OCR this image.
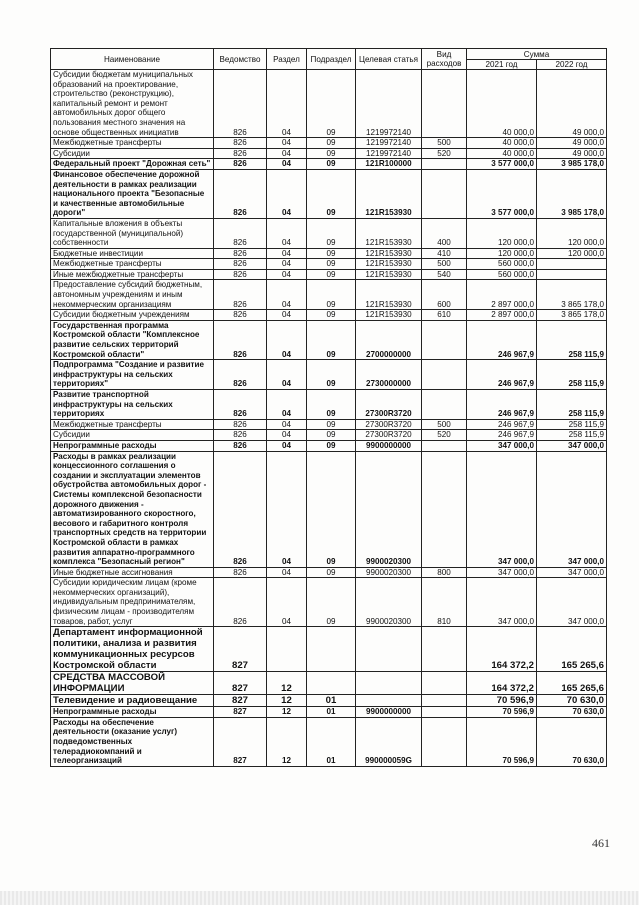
Наименование	Ведомство	Раздел	Подраздел	Целевая статья	Вид расходов	Сумма	
						2021 год	2022 год
Субсидии бюджетам муниципальных образований на проектирование, строительство (реконструкцию), капитальный ремонт и ремонт автомобильных дорог общего пользования местного значения на основе общественных инициатив	826	04	09	1219972140		40 000,0	49 000,0
Межбюджетные трансферты	826	04	09	1219972140	500	40 000,0	49 000,0
Субсидии	826	04	09	1219972140	520	40 000,0	49 000,0
Федеральный проект "Дорожная сеть"	826	04	09	121R100000		3 577 000,0	3 985 178,0
Финансовое обеспечение дорожной деятельности в рамках реализации национального проекта "Безопасные и качественные автомобильные дороги"	826	04	09	121R153930		3 577 000,0	3 985 178,0
Капитальные вложения в объекты государственной (муниципальной) собственности	826	04	09	121R153930	400	120 000,0	120 000,0
Бюджетные инвестиции	826	04	09	121R153930	410	120 000,0	120 000,0
Межбюджетные трансферты	826	04	09	121R153930	500	560 000,0	
Иные межбюджетные трансферты	826	04	09	121R153930	540	560 000,0	
Предоставление субсидий бюджетным, автономным учреждениям и иным некоммерческим организациям	826	04	09	121R153930	600	2 897 000,0	3 865 178,0
Субсидии бюджетным учреждениям	826	04	09	121R153930	610	2 897 000,0	3 865 178,0
Государственная программа Костромской области "Комплексное развитие сельских территорий Костромской области"	826	04	09	2700000000		246 967,9	258 115,9
Подпрограмма "Создание и развитие инфраструктуры на сельских территориях"	826	04	09	2730000000		246 967,9	258 115,9
Развитие транспортной инфраструктуры на сельских территориях	826	04	09	27300R3720		246 967,9	258 115,9
Межбюджетные трансферты	826	04	09	27300R3720	500	246 967,9	258 115,9
Субсидии	826	04	09	27300R3720	520	246 967,9	258 115,9
Непрограммные расходы	826	04	09	9900000000		347 000,0	347 000,0
Расходы в рамках реализации концессионного соглашения о создании и эксплуатации элементов обустройства автомобильных дорог - Системы комплексной безопасности дорожного движения - автоматизированного скоростного, весового и габаритного контроля транспортных средств на территории Костромской области в рамках развития аппаратно-программного комплекса "Безопасный регион"	826	04	09	9900020300		347 000,0	347 000,0
Иные бюджетные ассигнования	826	04	09	9900020300	800	347 000,0	347 000,0
Субсидии юридическим лицам (кроме некоммерческих организаций), индивидуальным предпринимателям, физическим лицам - производителям товаров, работ, услуг	826	04	09	9900020300	810	347 000,0	347 000,0
Департамент информационной политики, анализа и развития коммуникационных ресурсов Костромской области	827					164 372,2	165 265,6
СРЕДСТВА МАССОВОЙ ИНФОРМАЦИИ	827	12				164 372,2	165 265,6
Телевидение и радиовещание	827	12	01			70 596,9	70 630,0
Непрограммные расходы	827	12	01	9900000000		70 596,9	70 630,0
Расходы на обеспечение деятельности (оказание услуг) подведомственных телерадиокомпаний и телеорганизаций	827	12	01	990000059G		70 596,9	70 630,0
461
